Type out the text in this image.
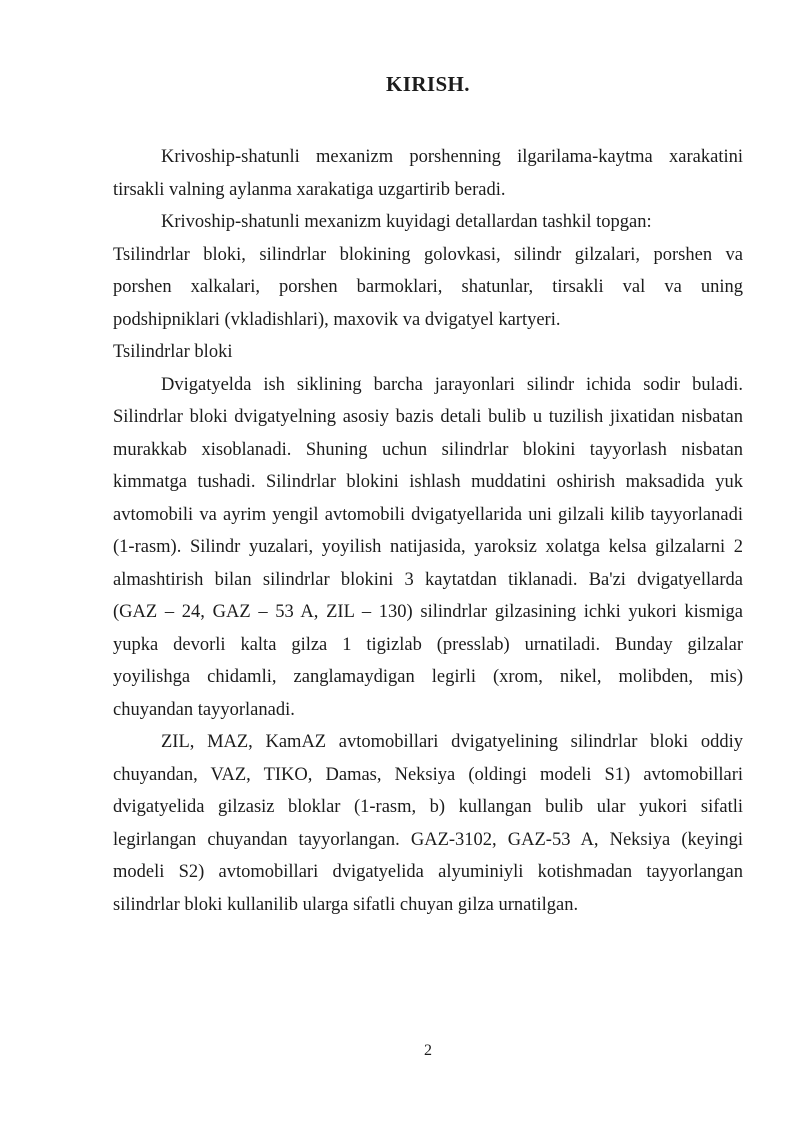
KIRISH.
Krivoship-shatunli mexanizm porshenning ilgarilama-kaytma xarakatini
tirsakli valning aylanma xarakatiga uzgartirib beradi.
Krivoship-shatunli mexanizm kuyidagi detallardan tashkil topgan:
Tsilindrlar bloki, silindrlar blokining golovkasi, silindr gilzalari, porshen va
porshen xalkalari, porshen barmoklari, shatunlar, tirsakli val va uning
podshipniklari (vkladishlari), maxovik va dvigatyel kartyeri.
Tsilindrlar bloki
Dvigatyelda ish siklining barcha jarayonlari silindr ichida sodir buladi.
Silindrlar bloki dvigatyelning asosiy bazis detali bulib u tuzilish jixatidan nisbatan
murakkab xisoblanadi. Shuning uchun silindrlar blokini tayyorlash nisbatan
kimmatga tushadi. Silindrlar blokini ishlash muddatini oshirish maksadida yuk
avtomobili va ayrim yengil avtomobili dvigatyellarida uni gilzali kilib tayyorlanadi
(1-rasm). Silindr yuzalari, yoyilish natijasida, yaroksiz xolatga kelsa gilzalarni 2
almashtirish bilan silindrlar blokini 3 kaytatdan tiklanadi. Ba'zi dvigatyellarda
(GAZ – 24, GAZ – 53 A, ZIL – 130) silindrlar gilzasining ichki yukori kismiga
yupka devorli kalta gilza 1 tigizlab (presslab) urnatiladi. Bunday gilzalar
yoyilishga chidamli, zanglamaydigan legirli (xrom, nikel, molibden, mis)
chuyandan tayyorlanadi.
ZIL, MAZ, KamAZ avtomobillari dvigatyelining silindrlar bloki oddiy
chuyandan, VAZ, TIKO, Damas, Neksiya (oldingi modeli S1) avtomobillari
dvigatyelida gilzasiz bloklar (1-rasm, b) kullangan bulib ular yukori sifatli
legirlangan chuyandan tayyorlangan. GAZ-3102, GAZ-53 A, Neksiya (keyingi
modeli S2) avtomobillari dvigatyelida alyuminiyli kotishmadan tayyorlangan
silindrlar bloki kullanilib ularga sifatli chuyan gilza urnatilgan.
2
